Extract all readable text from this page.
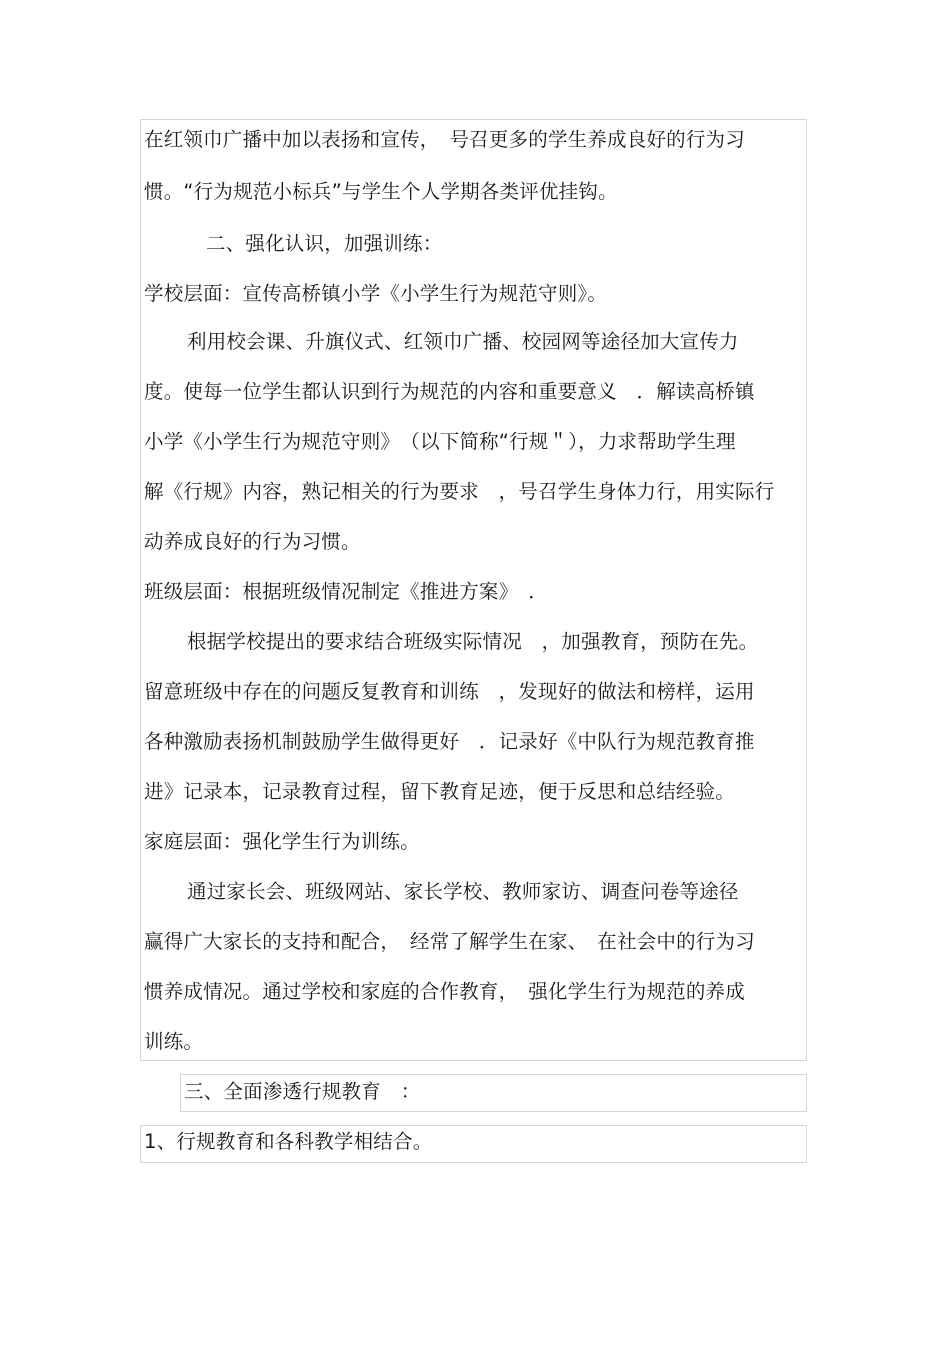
在红领巾广播中加以表扬和宣传，　号召更多的学生养成良好的行为习
惯。“行为规范小标兵”与学生个人学期各类评优挂钩。
二、强化认识，加强训练：
学校层面：宣传高桥镇小学《小学生行为规范守则》。
利用校会课、升旗仪式、红领巾广播、校园网等途径加大宣传力
度。使每一位学生都认识到行为规范的内容和重要意义　．解读高桥镇
小学《小学生行为规范守则》　（以下简称“行规＂），力求帮助学生理
解《行规》内容，熟记相关的行为要求　，号召学生身体力行，用实际行
动养成良好的行为习惯。
班级层面：根据班级情况制定《推进方案》　．
根据学校提出的要求结合班级实际情况　，加强教育，预防在先。
留意班级中存在的问题反复教育和训练　，发现好的做法和榜样，运用
各种激励表扬机制鼓励学生做得更好　．记录好《中队行为规范教育推
进》记录本，记录教育过程，留下教育足迹，便于反思和总结经验。
家庭层面：强化学生行为训练。
通过家长会、班级网站、家长学校、教师家访、调查问卷等途径
赢得广大家长的支持和配合，　经常了解学生在家、　在社会中的行为习
惯养成情况。通过学校和家庭的合作教育，　强化学生行为规范的养成
训练。
三、全面渗透行规教育　：
1、行规教育和各科教学相结合。
